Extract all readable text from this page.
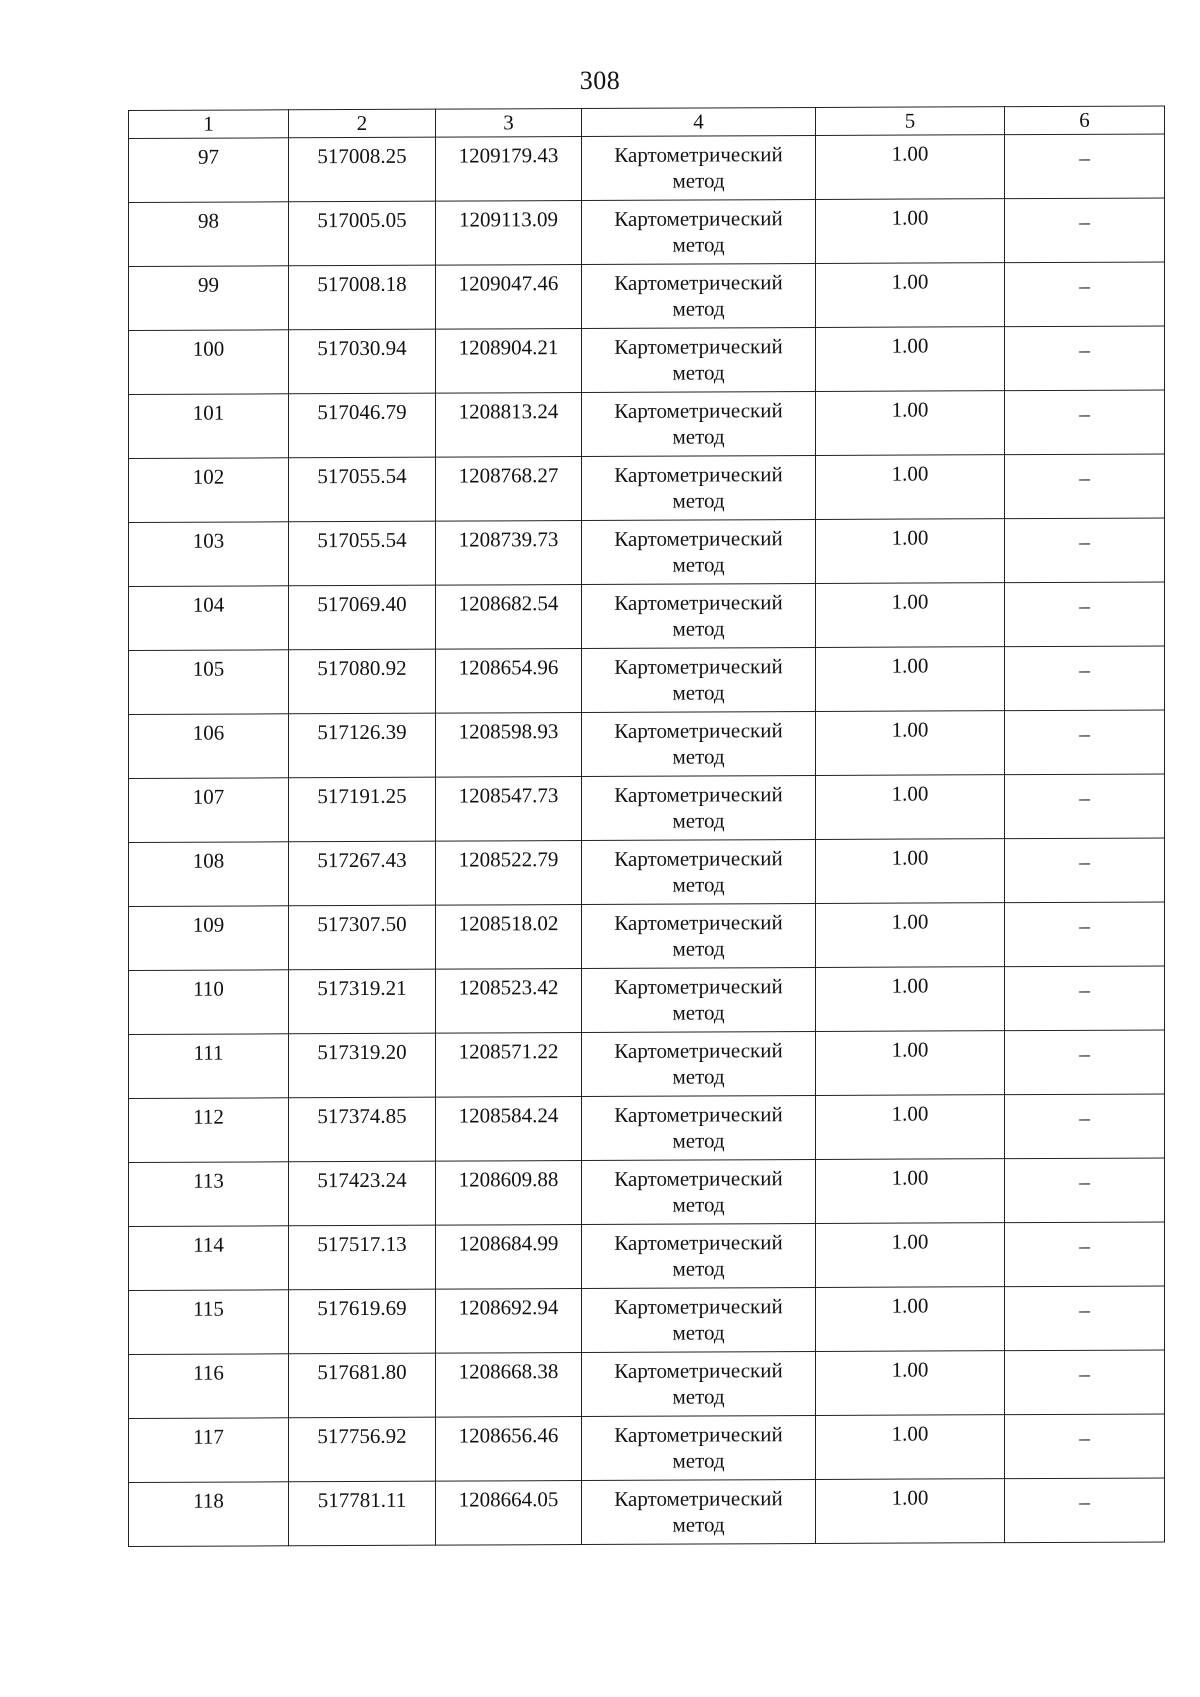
308
1	2	3	4	5	6
97	517008.25	1209179.43	Картометрический
метод	1.00	–
98	517005.05	1209113.09	Картометрический
метод	1.00	–
99	517008.18	1209047.46	Картометрический
метод	1.00	–
100	517030.94	1208904.21	Картометрический
метод	1.00	–
101	517046.79	1208813.24	Картометрический
метод	1.00	–
102	517055.54	1208768.27	Картометрический
метод	1.00	–
103	517055.54	1208739.73	Картометрический
метод	1.00	–
104	517069.40	1208682.54	Картометрический
метод	1.00	–
105	517080.92	1208654.96	Картометрический
метод	1.00	–
106	517126.39	1208598.93	Картометрический
метод	1.00	–
107	517191.25	1208547.73	Картометрический
метод	1.00	–
108	517267.43	1208522.79	Картометрический
метод	1.00	–
109	517307.50	1208518.02	Картометрический
метод	1.00	–
110	517319.21	1208523.42	Картометрический
метод	1.00	–
111	517319.20	1208571.22	Картометрический
метод	1.00	–
112	517374.85	1208584.24	Картометрический
метод	1.00	–
113	517423.24	1208609.88	Картометрический
метод	1.00	–
114	517517.13	1208684.99	Картометрический
метод	1.00	–
115	517619.69	1208692.94	Картометрический
метод	1.00	–
116	517681.80	1208668.38	Картометрический
метод	1.00	–
117	517756.92	1208656.46	Картометрический
метод	1.00	–
118	517781.11	1208664.05	Картометрический
метод	1.00	–
